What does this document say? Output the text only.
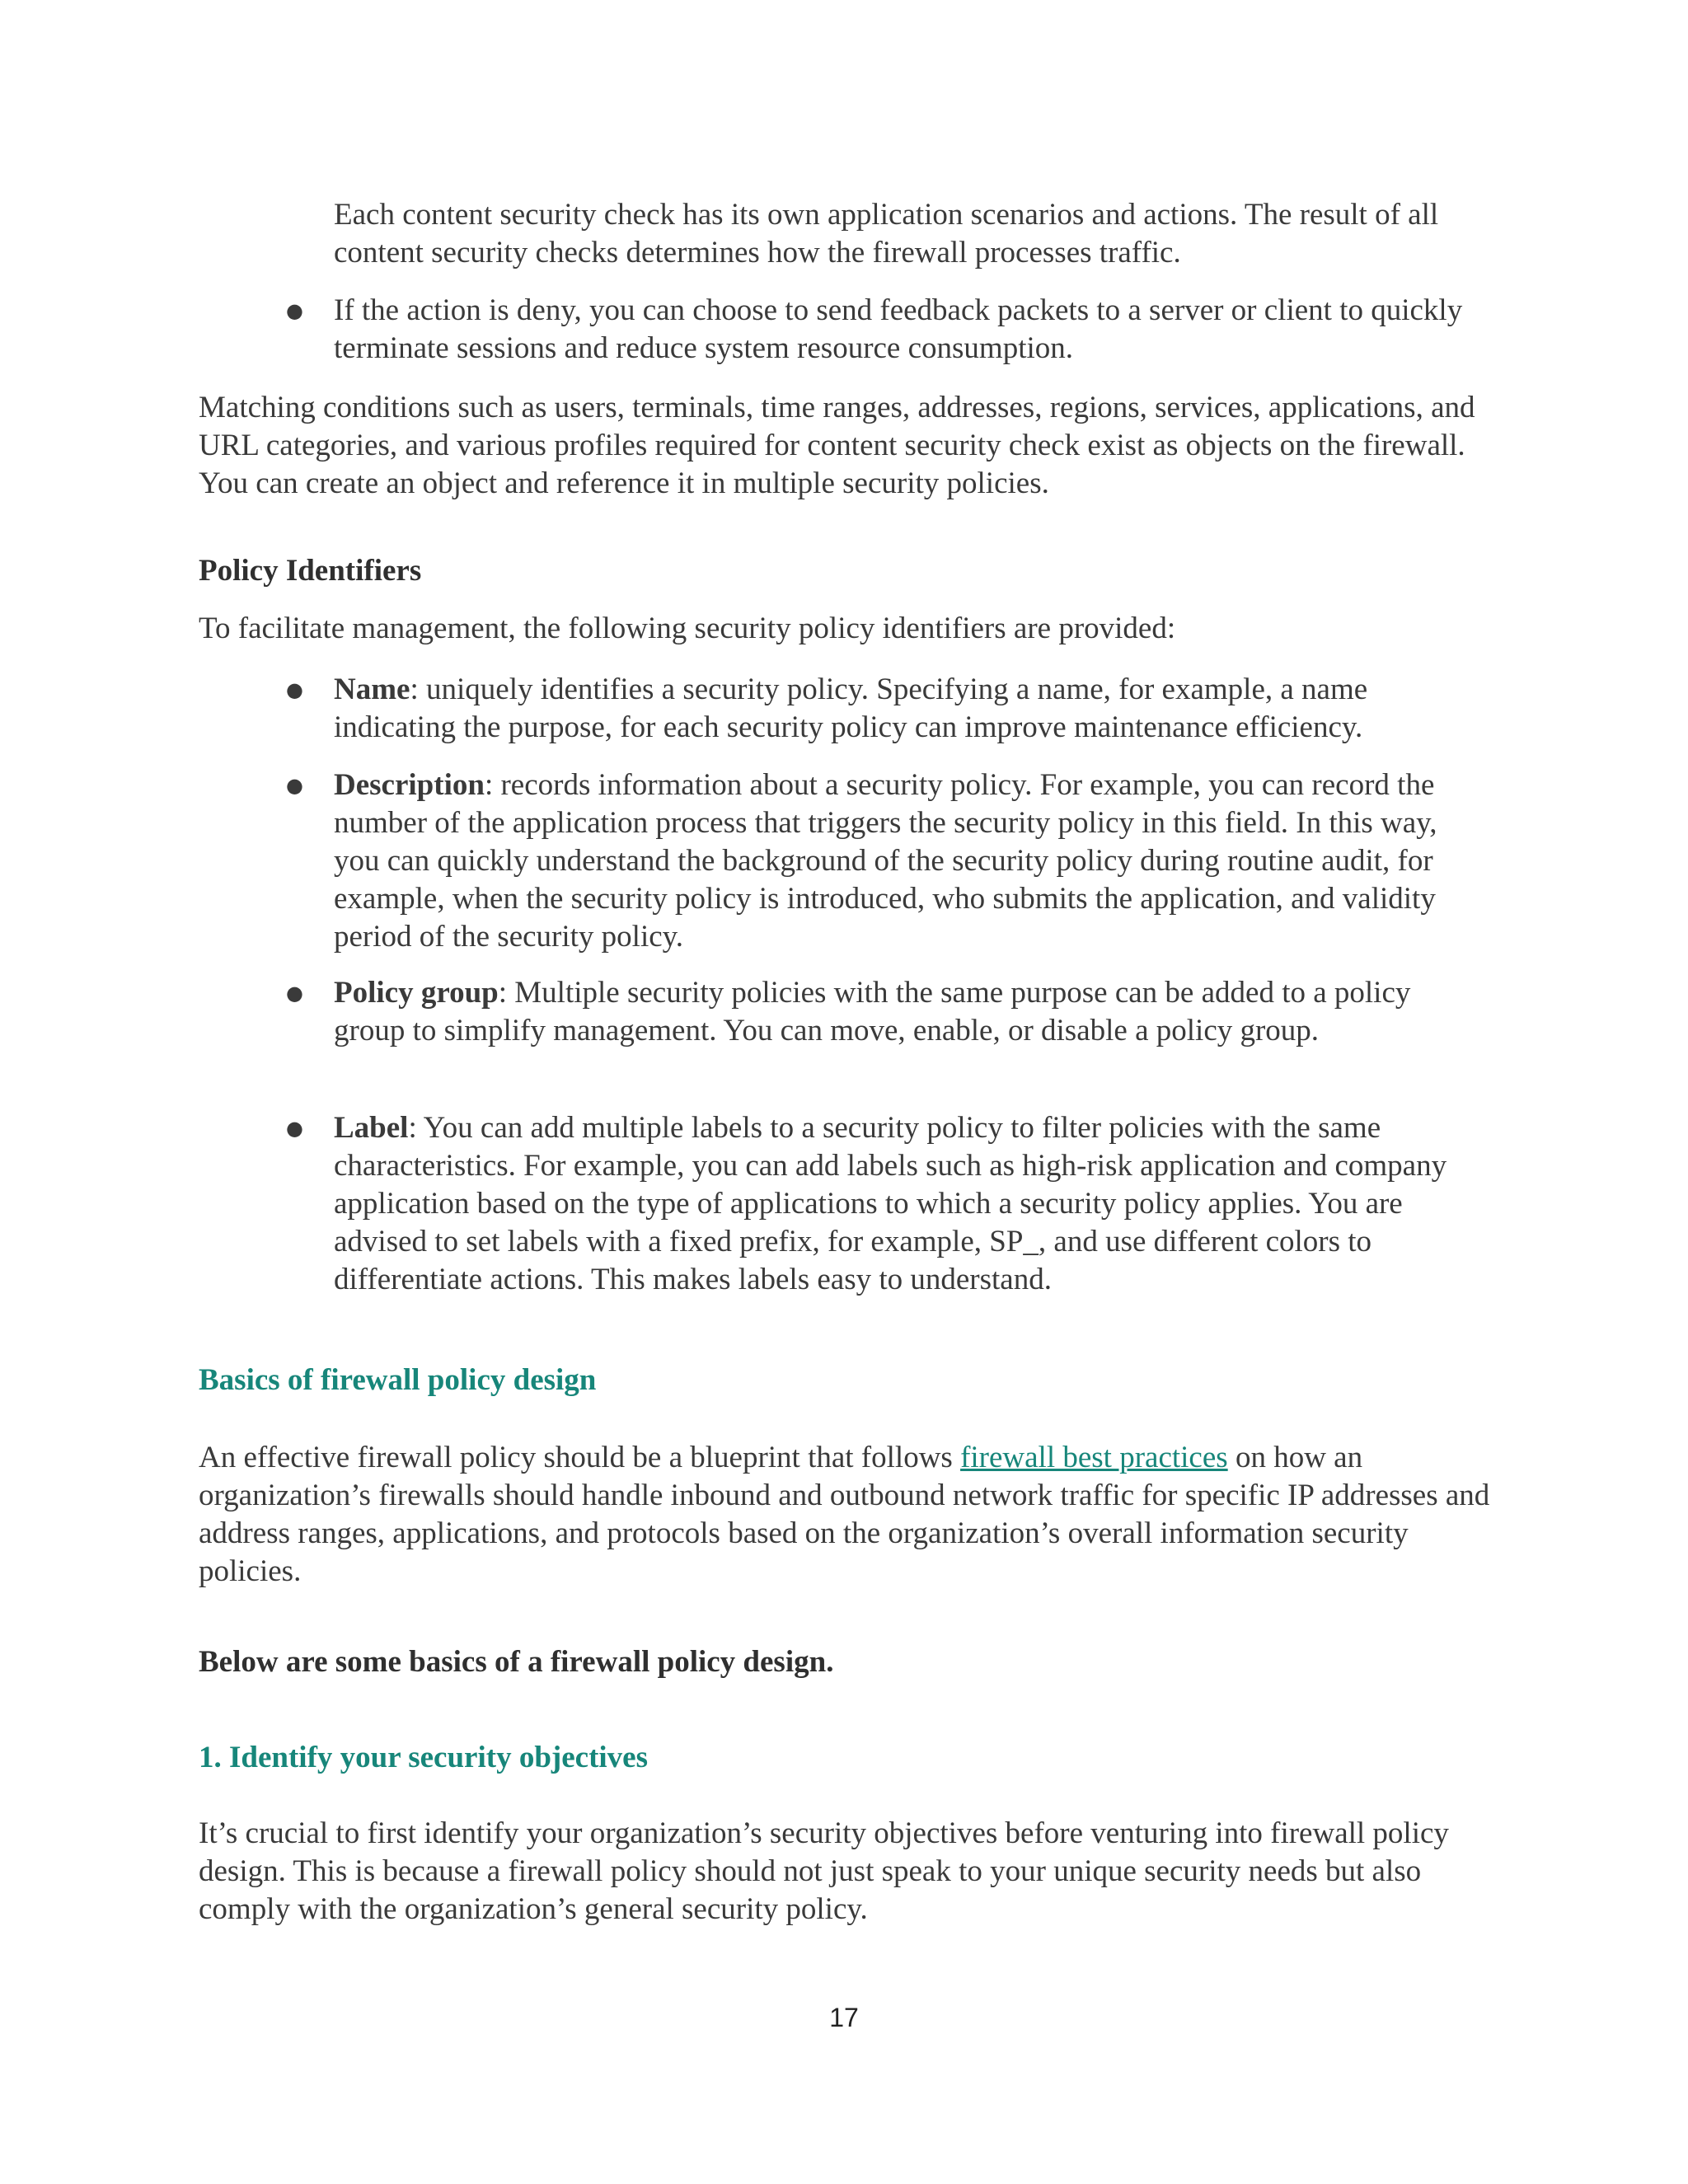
Each content security check has its own application scenarios and actions. The result of all content security checks determines how the firewall processes traffic.

● If the action is deny, you can choose to send feedback packets to a server or client to quickly terminate sessions and reduce system resource consumption.

Matching conditions such as users, terminals, time ranges, addresses, regions, services, applications, and URL categories, and various profiles required for content security check exist as objects on the firewall. You can create an object and reference it in multiple security policies.

Policy Identifiers

To facilitate management, the following security policy identifiers are provided:

● Name: uniquely identifies a security policy. Specifying a name, for example, a name indicating the purpose, for each security policy can improve maintenance efficiency.
● Description: records information about a security policy. For example, you can record the number of the application process that triggers the security policy in this field. In this way, you can quickly understand the background of the security policy during routine audit, for example, when the security policy is introduced, who submits the application, and validity period of the security policy.
● Policy group: Multiple security policies with the same purpose can be added to a policy group to simplify management. You can move, enable, or disable a policy group.
● Label: You can add multiple labels to a security policy to filter policies with the same characteristics. For example, you can add labels such as high-risk application and company application based on the type of applications to which a security policy applies. You are advised to set labels with a fixed prefix, for example, SP_, and use different colors to differentiate actions. This makes labels easy to understand.

Basics of firewall policy design

An effective firewall policy should be a blueprint that follows firewall best practices on how an organization’s firewalls should handle inbound and outbound network traffic for specific IP addresses and address ranges, applications, and protocols based on the organization’s overall information security policies.

Below are some basics of a firewall policy design.

1. Identify your security objectives

It’s crucial to first identify your organization’s security objectives before venturing into firewall policy design. This is because a firewall policy should not just speak to your unique security needs but also comply with the organization’s general security policy.

17
